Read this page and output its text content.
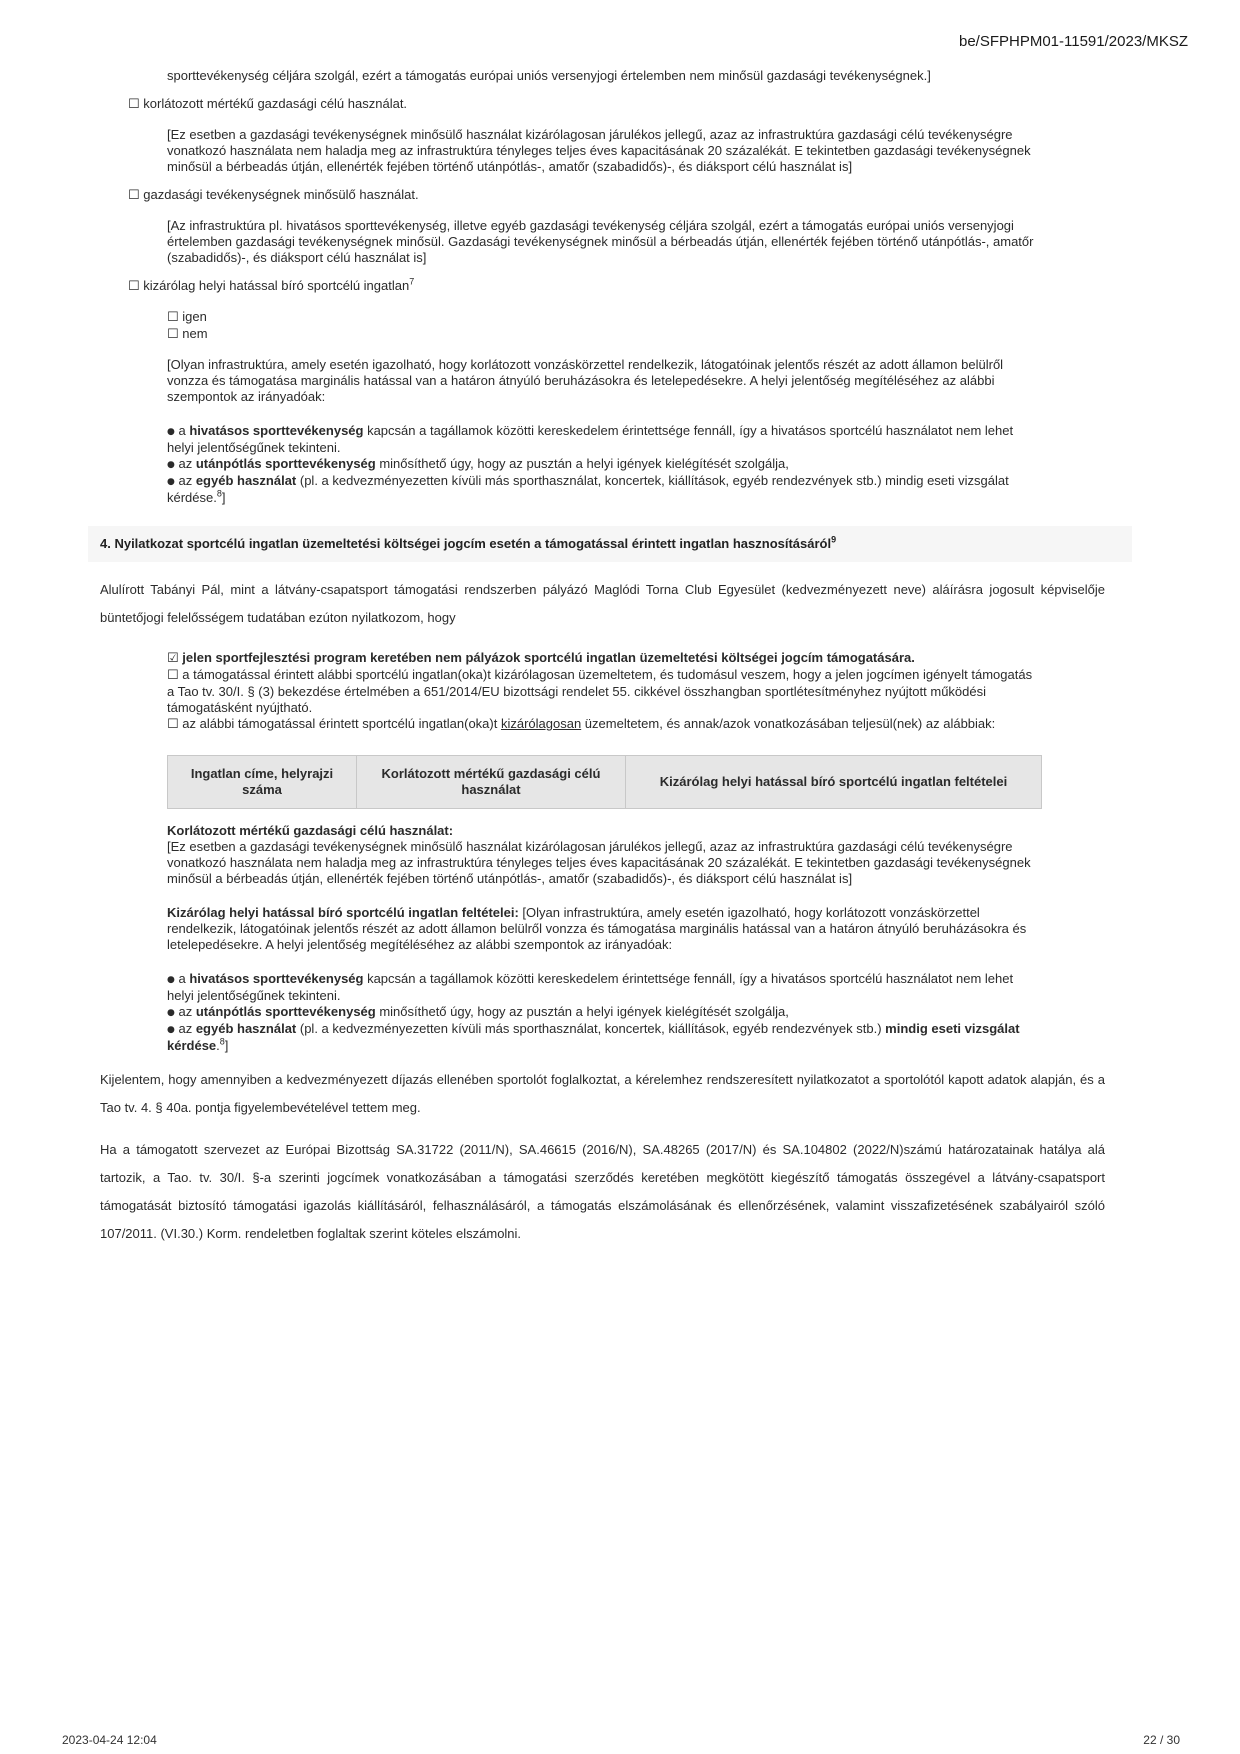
be/SFPHPM01-11591/2023/MKSZ

sporttevékenység céljára szolgál, ezért a támogatás európai uniós versenyjogi értelemben nem minősül gazdasági tevékenységnek.]

☐ korlátozott mértékű gazdasági célú használat.

[Ez esetben a gazdasági tevékenységnek minősülő használat kizárólagosan járulékos jellegű, azaz az infrastruktúra gazdasági célú tevékenységre vonatkozó használata nem haladja meg az infrastruktúra tényleges teljes éves kapacitásának 20 százalékát. E tekintetben gazdasági tevékenységnek minősül a bérbeadás útján, ellenérték fejében történő utánpótlás-, amatőr (szabadidős)-, és diáksport célú használat is]

☐ gazdasági tevékenységnek minősülő használat.

[Az infrastruktúra pl. hivatásos sporttevékenység, illetve egyéb gazdasági tevékenység céljára szolgál, ezért a támogatás európai uniós versenyjogi értelemben gazdasági tevékenységnek minősül. Gazdasági tevékenységnek minősül a bérbeadás útján, ellenérték fejében történő utánpótlás-, amatőr (szabadidős)-, és diáksport célú használat is]

☐ kizárólag helyi hatással bíró sportcélú ingatlan$^7$

☐ igen

☐ nem

[Olyan infrastruktúra, amely esetén igazolható, hogy korlátozott vonzáskörzettel rendelkezik, látogatóinak jelentős részét az adott államon belülről vonzza és támogatása marginális hatással van a határon átnyúló beruházásokra és letelepedésekre. A helyi jelentőség megítéléséhez az alábbi szempontok az irányadóak:

● a hivatásos sporttevékenység kapcsán a tagállamok közötti kereskedelem érintettsége fennáll, így a hivatásos sportcélú használatot nem lehet helyi jelentőségűnek tekinteni.

● az utánpótlás sporttevékenység minősíthető úgy, hogy az pusztán a helyi igények kielégítését szolgálja,

● az egyéb használat (pl. a kedvezményezetten kívüli más sporthasználat, koncertek, kiállítások, egyéb rendezvények stb.) mindig eseti vizsgálat kérdése.$^8$]

4. Nyilatkozat sportcélú ingatlan üzemeltetési költségei jogcím esetén a támogatással érintett ingatlan hasznosításáról$^9$

Alulírott Tabányi Pál, mint a látvány-csapatsport támogatási rendszerben pályázó Maglódi Torna Club Egyesület (kedvezményezett neve) aláírásra jogosult képviselője büntetőjogi felelősségem tudatában ezúton nyilatkozom, hogy

☑ jelen sportfejlesztési program keretében nem pályázok sportcélú ingatlan üzemeltetési költségei jogcím támogatására.

☐ a támogatással érintett alábbi sportcélú ingatlan(oka)t kizárólagosan üzemeltetem, és tudomásul veszem, hogy a jelen jogcímen igényelt támogatás a Tao tv. 30/I. § (3) bekezdése értelmében a 651/2014/EU bizottsági rendelet 55. cikkével összhangban sportlétesítményhez nyújtott működési támogatásként nyújtható.

☐ az alábbi támogatással érintett sportcélú ingatlan(oka)t kizárólagosan üzemeltetem, és annak/azok vonatkozásában teljesül(nek) az alábbiak:

Ingatlan címe, helyrajzi száma	Korlátozott mértékű gazdasági célú használat	Kizárólag helyi hatással bíró sportcélú ingatlan feltételei

Korlátozott mértékű gazdasági célú használat:

[Ez esetben a gazdasági tevékenységnek minősülő használat kizárólagosan járulékos jellegű, azaz az infrastruktúra gazdasági célú tevékenységre vonatkozó használata nem haladja meg az infrastruktúra tényleges teljes éves kapacitásának 20 százalékát. E tekintetben gazdasági tevékenységnek minősül a bérbeadás útján, ellenérték fejében történő utánpótlás-, amatőr (szabadidős)-, és diáksport célú használat is]

Kizárólag helyi hatással bíró sportcélú ingatlan feltételei: [Olyan infrastruktúra, amely esetén igazolható, hogy korlátozott vonzáskörzettel rendelkezik, látogatóinak jelentős részét az adott államon belülről vonzza és támogatása marginális hatással van a határon átnyúló beruházásokra és letelepedésekre. A helyi jelentőség megítéléséhez az alábbi szempontok az irányadóak:

● a hivatásos sporttevékenység kapcsán a tagállamok közötti kereskedelem érintettsége fennáll, így a hivatásos sportcélú használatot nem lehet helyi jelentőségűnek tekinteni.

● az utánpótlás sporttevékenység minősíthető úgy, hogy az pusztán a helyi igények kielégítését szolgálja,

● az egyéb használat (pl. a kedvezményezetten kívüli más sporthasználat, koncertek, kiállítások, egyéb rendezvények stb.) mindig eseti vizsgálat kérdése.$^8$]

Kijelentem, hogy amennyiben a kedvezményezett díjazás ellenében sportolót foglalkoztat, a kérelemhez rendszeresített nyilatkozatot a sportolótól kapott adatok alapján, és a Tao tv. 4. § 40a. pontja figyelembevételével tettem meg.

Ha a támogatott szervezet az Európai Bizottság SA.31722 (2011/N), SA.46615 (2016/N), SA.48265 (2017/N) és SA.104802 (2022/N)számú határozatainak hatálya alá tartozik, a Tao. tv. 30/I. §-a szerinti jogcímek vonatkozásában a támogatási szerződés keretében megkötött kiegészítő támogatás összegével a látvány-csapatsport támogatását biztosító támogatási igazolás kiállításáról, felhasználásáról, a támogatás elszámolásának és ellenőrzésének, valamint visszafizetésének szabályairól szóló 107/2011. (VI.30.) Korm. rendeletben foglaltak szerint köteles elszámolni.

2023-04-24 12:04	22 / 30
